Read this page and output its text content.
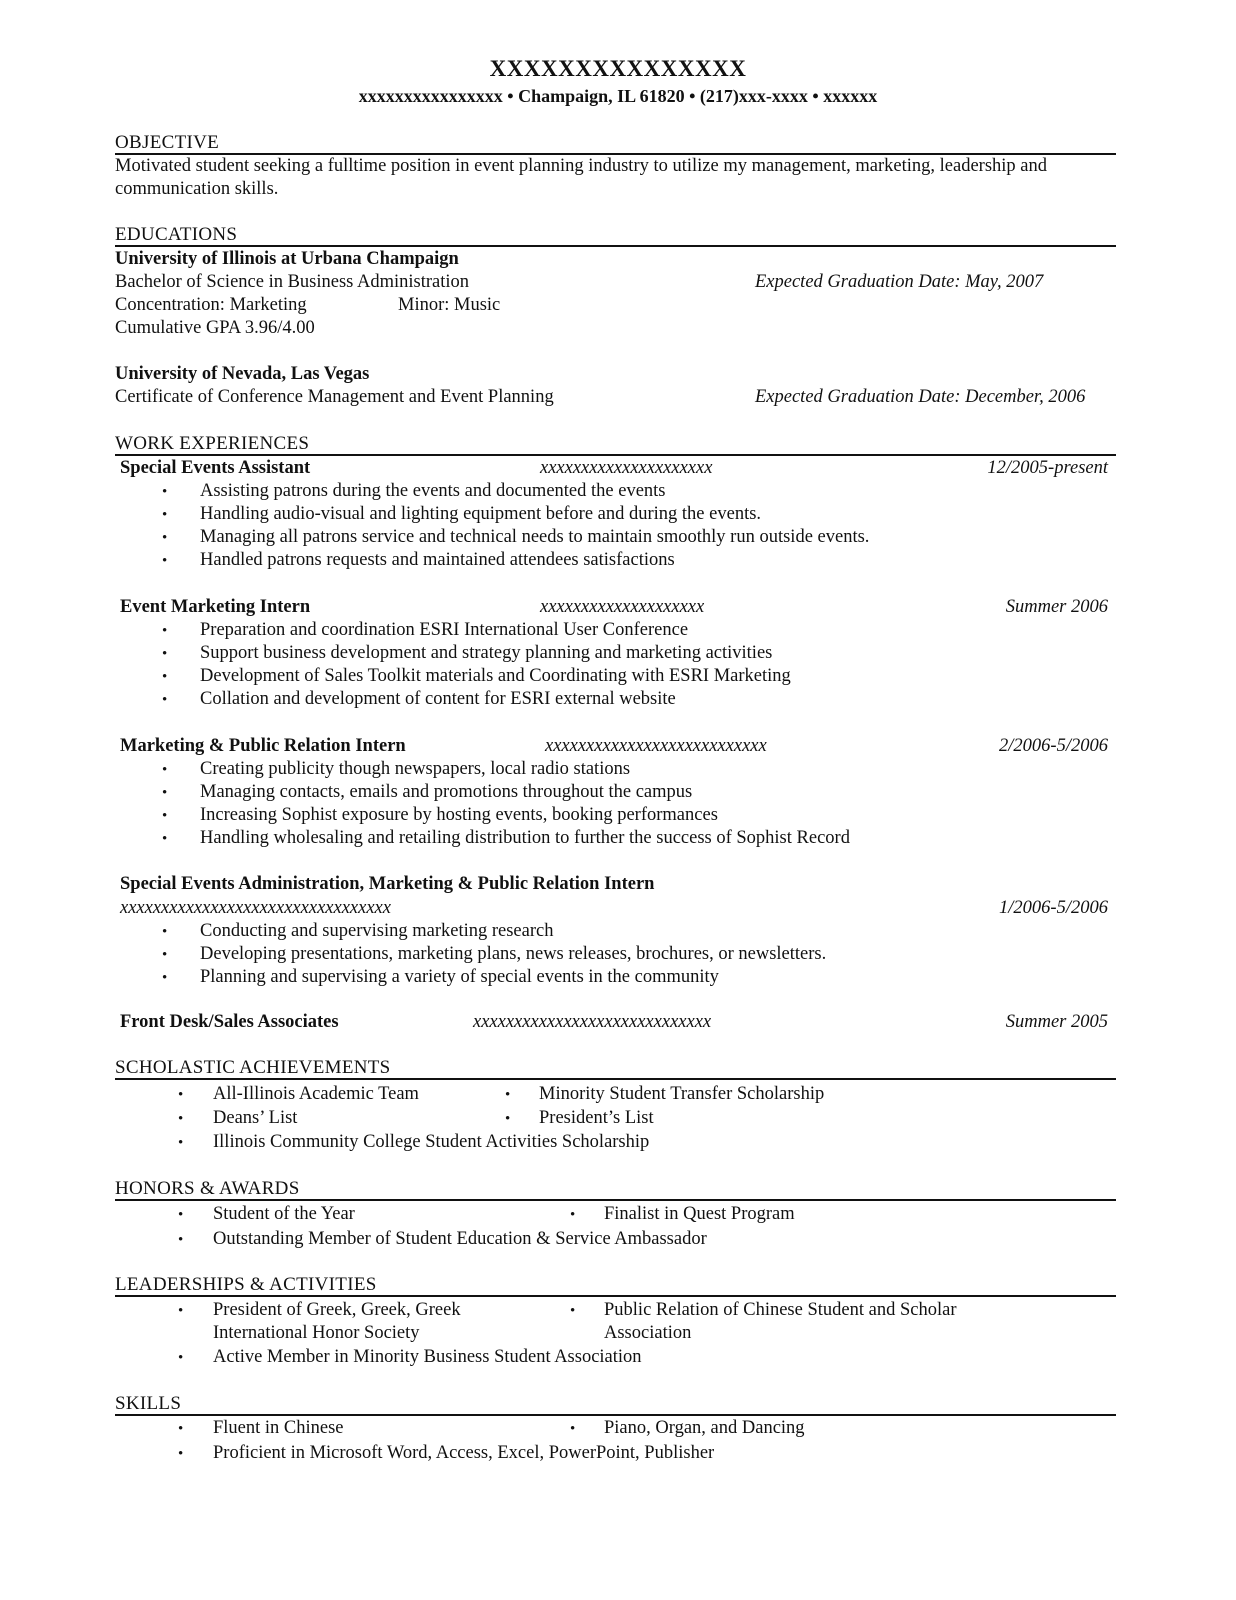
XXXXXXXXXXXXXXX
xxxxxxxxxxxxxxxx • Champaign, IL 61820 • (217)xxx-xxxx • xxxxxx
OBJECTIVE
Motivated student seeking a fulltime position in event planning industry to utilize my management, marketing, leadership and
communication skills.
EDUCATIONS
University of Illinois at Urbana Champaign
Bachelor of Science in Business Administration	Expected Graduation Date: May, 2007
Concentration: Marketing	Minor: Music
Cumulative GPA 3.96/4.00
University of Nevada, Las Vegas
Certificate of Conference Management and Event Planning	Expected Graduation Date: December, 2006
WORK EXPERIENCES
Special Events Assistant	xxxxxxxxxxxxxxxxxxxxx	12/2005-present
• Assisting patrons during the events and documented the events
• Handling audio-visual and lighting equipment before and during the events.
• Managing all patrons service and technical needs to maintain smoothly run outside events.
• Handled patrons requests and maintained attendees satisfactions
Event Marketing Intern	xxxxxxxxxxxxxxxxxxxx	Summer 2006
• Preparation and coordination ESRI International User Conference
• Support business development and strategy planning and marketing activities
• Development of Sales Toolkit materials and Coordinating with ESRI Marketing
• Collation and development of content for ESRI external website
Marketing & Public Relation Intern	xxxxxxxxxxxxxxxxxxxxxxxxxxx	2/2006-5/2006
• Creating publicity though newspapers, local radio stations
• Managing contacts, emails and promotions throughout the campus
• Increasing Sophist exposure by hosting events, booking performances
• Handling wholesaling and retailing distribution to further the success of Sophist Record
Special Events Administration, Marketing & Public Relation Intern
xxxxxxxxxxxxxxxxxxxxxxxxxxxxxxxxx	1/2006-5/2006
• Conducting and supervising marketing research
• Developing presentations, marketing plans, news releases, brochures, or newsletters.
• Planning and supervising a variety of special events in the community
Front Desk/Sales Associates	xxxxxxxxxxxxxxxxxxxxxxxxxxxxx	Summer 2005
SCHOLASTIC ACHIEVEMENTS
• All-Illinois Academic Team	• Minority Student Transfer Scholarship
• Deans’ List	• President’s List
• Illinois Community College Student Activities Scholarship
HONORS & AWARDS
• Student of the Year	• Finalist in Quest Program
• Outstanding Member of Student Education & Service Ambassador
LEADERSHIPS & ACTIVITIES
• President of Greek, Greek, Greek
International Honor Society
• Public Relation of Chinese Student and Scholar
Association
• Active Member in Minority Business Student Association
SKILLS
• Fluent in Chinese	• Piano, Organ, and Dancing
• Proficient in Microsoft Word, Access, Excel, PowerPoint, Publisher
